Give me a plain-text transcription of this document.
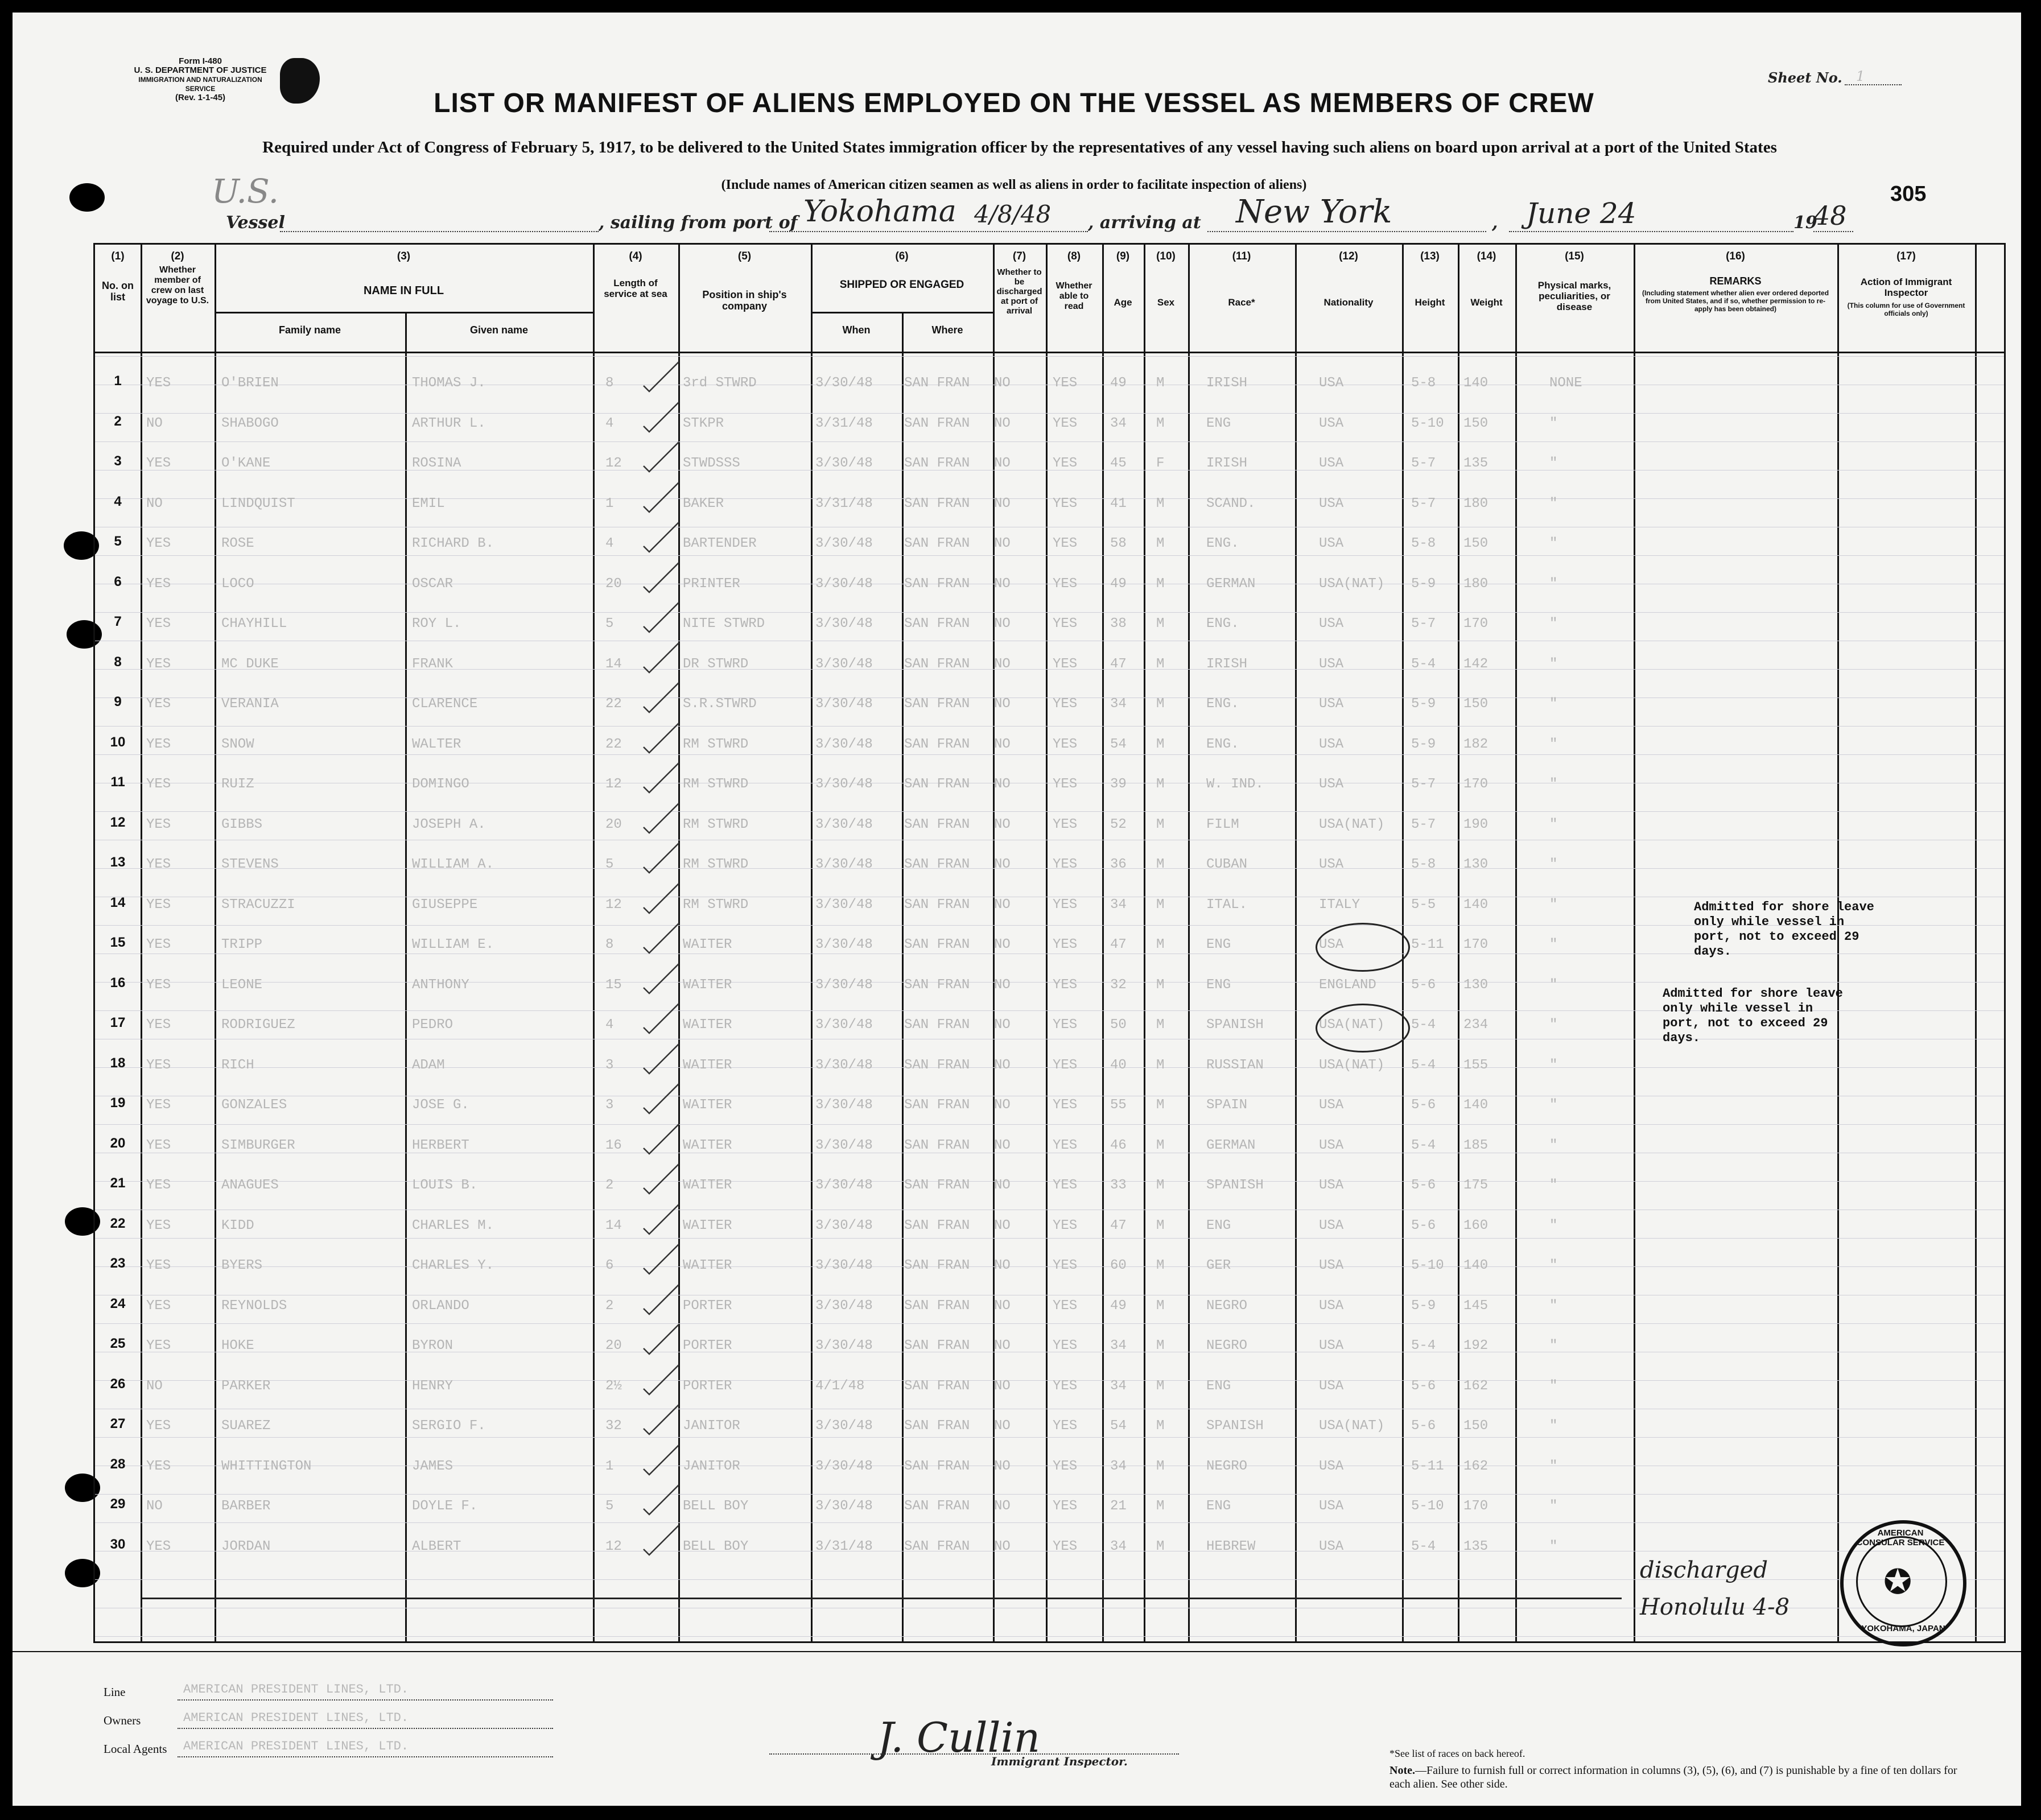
Form I-480
U. S. DEPARTMENT OF JUSTICE
IMMIGRATION AND NATURALIZATION SERVICE
(Rev. 1-1-45)
Sheet No. 1
LIST OR MANIFEST OF ALIENS EMPLOYED ON THE VESSEL AS MEMBERS OF CREW
Required under Act of Congress of February 5, 1917, to be delivered to the United States immigration officer by the representatives of any vessel having such aliens on board upon arrival at a port of the United States
(Include names of American citizen seamen as well as aliens in order to facilitate inspection of aliens)	305
U.S.
Vessel	, sailing from port of Yokohama 4/8/48 , arriving at New York	, June 24	19
48
(1)
No. on list
(2)
Whether member of crew on last voyage to U.S.
(3)
NAME IN FULL
Family name	Given name
(4)
Length of service at sea
(5)
Position in ship's company
(6)
SHIPPED OR ENGAGED
When	Where
(7)
Whether to be discharged at port of arrival
(8)
Whether able to read
(9)
Age
(10)
Sex
(11)
Race*
(12)
Nationality
(13)
Height
(14)
Weight
(15)
Physical marks, peculiarities, or disease
(16)
REMARKS
(Including statement whether alien ever ordered deported from United States, and if so, whether permission to re-apply has been obtained)
(17)
Action of Immigrant Inspector
(This column for use of Government officials only)
1	YES	O'BRIEN	THOMAS J.	8	3rd STWRD	3/30/48	SAN FRAN	NO	YES	49	M	IRISH	USA	5-8	140	NONE
2	NO	SHABOGO	ARTHUR L.	4	STKPR	3/31/48	SAN FRAN	NO	YES	34	M	ENG	USA	5-10	150	"
3	YES	O'KANE	ROSINA	12	STWDSSS	3/30/48	SAN FRAN	NO	YES	45	F	IRISH	USA	5-7	135	"
4	NO	LINDQUIST	EMIL	1	BAKER	3/31/48	SAN FRAN	NO	YES	41	M	SCAND.	USA	5-7	180	"
5	YES	ROSE	RICHARD B.	4	BARTENDER	3/30/48	SAN FRAN	NO	YES	58	M	ENG.	USA	5-8	150	"
6	YES	LOCO	OSCAR	20	PRINTER	3/30/48	SAN FRAN	NO	YES	49	M	GERMAN	USA(NAT)	5-9	180	"
7	YES	CHAYHILL	ROY L.	5	NITE STWRD	3/30/48	SAN FRAN	NO	YES	38	M	ENG.	USA	5-7	170	"
8	YES	MC DUKE	FRANK	14	DR STWRD	3/30/48	SAN FRAN	NO	YES	47	M	IRISH	USA	5-4	142	"
9	YES	VERANIA	CLARENCE	22	S.R.STWRD	3/30/48	SAN FRAN	NO	YES	34	M	ENG.	USA	5-9	150	"
10	YES	SNOW	WALTER	22	RM STWRD	3/30/48	SAN FRAN	NO	YES	54	M	ENG.	USA	5-9	182	"
11	YES	RUIZ	DOMINGO	12	RM STWRD	3/30/48	SAN FRAN	NO	YES	39	M	W. IND.	USA	5-7	170	"
12	YES	GIBBS	JOSEPH A.	20	RM STWRD	3/30/48	SAN FRAN	NO	YES	52	M	FILM	USA(NAT)	5-7	190	"
13	YES	STEVENS	WILLIAM A.	5	RM STWRD	3/30/48	SAN FRAN	NO	YES	36	M	CUBAN	USA	5-8	130	"
14	YES	STRACUZZI	GIUSEPPE	12	RM STWRD	3/30/48	SAN FRAN	NO	YES	34	M	ITAL.	ITALY	5-5	140	"
15	YES	TRIPP	WILLIAM E.	8	WAITER	3/30/48	SAN FRAN	NO	YES	47	M	ENG	USA	5-11	170	"
16	YES	LEONE	ANTHONY	15	WAITER	3/30/48	SAN FRAN	NO	YES	32	M	ENG	ENGLAND	5-6	130	"
17	YES	RODRIGUEZ	PEDRO	4	WAITER	3/30/48	SAN FRAN	NO	YES	50	M	SPANISH	USA(NAT)	5-4	234	"
18	YES	RICH	ADAM	3	WAITER	3/30/48	SAN FRAN	NO	YES	40	M	RUSSIAN	USA(NAT)	5-4	155	"
19	YES	GONZALES	JOSE G.	3	WAITER	3/30/48	SAN FRAN	NO	YES	55	M	SPAIN	USA	5-6	140	"
20	YES	SIMBURGER	HERBERT	16	WAITER	3/30/48	SAN FRAN	NO	YES	46	M	GERMAN	USA	5-4	185	"
21	YES	ANAGUES	LOUIS B.	2	WAITER	3/30/48	SAN FRAN	NO	YES	33	M	SPANISH	USA	5-6	175	"
22	YES	KIDD	CHARLES M.	14	WAITER	3/30/48	SAN FRAN	NO	YES	47	M	ENG	USA	5-6	160	"
23	YES	BYERS	CHARLES Y.	6	WAITER	3/30/48	SAN FRAN	NO	YES	60	M	GER	USA	5-10	140	"
24	YES	REYNOLDS	ORLANDO	2	PORTER	3/30/48	SAN FRAN	NO	YES	49	M	NEGRO	USA	5-9	145	"
25	YES	HOKE	BYRON	20	PORTER	3/30/48	SAN FRAN	NO	YES	34	M	NEGRO	USA	5-4	192	"
26	NO	PARKER	HENRY	2½	PORTER	4/1/48	SAN FRAN	NO	YES	34	M	ENG	USA	5-6	162	"
27	YES	SUAREZ	SERGIO F.	32	JANITOR	3/30/48	SAN FRAN	NO	YES	54	M	SPANISH	USA(NAT)	5-6	150	"
28	YES	WHITTINGTON	JAMES	1	JANITOR	3/30/48	SAN FRAN	NO	YES	34	M	NEGRO	USA	5-11	162	"
29	NO	BARBER	DOYLE F.	5	BELL BOY	3/30/48	SAN FRAN	NO	YES	21	M	ENG	USA	5-10	170	"
30	YES	JORDAN	ALBERT	12	BELL BOY	3/31/48	SAN FRAN	NO	YES	34	M	HEBREW	USA	5-4	135	"
Admitted for shore leave only while vessel in port, not to exceed 29 days.
Admitted for shore leave only while vessel in port, not to exceed 29 days.
discharged
Honolulu 4-8
AMERICAN CONSULAR SERVICE
YOKOHAMA, JAPAN
✪
Line	AMERICAN PRESIDENT LINES, LTD.
Owners	AMERICAN PRESIDENT LINES, LTD.
Local Agents AMERICAN PRESIDENT LINES, LTD.	J. Cullin
Immigrant Inspector.
*See list of races on back hereof.
Note.—Failure to furnish full or correct information in columns (3), (5), (6), and (7) is punishable by a fine of ten dollars for each alien. See other side.
